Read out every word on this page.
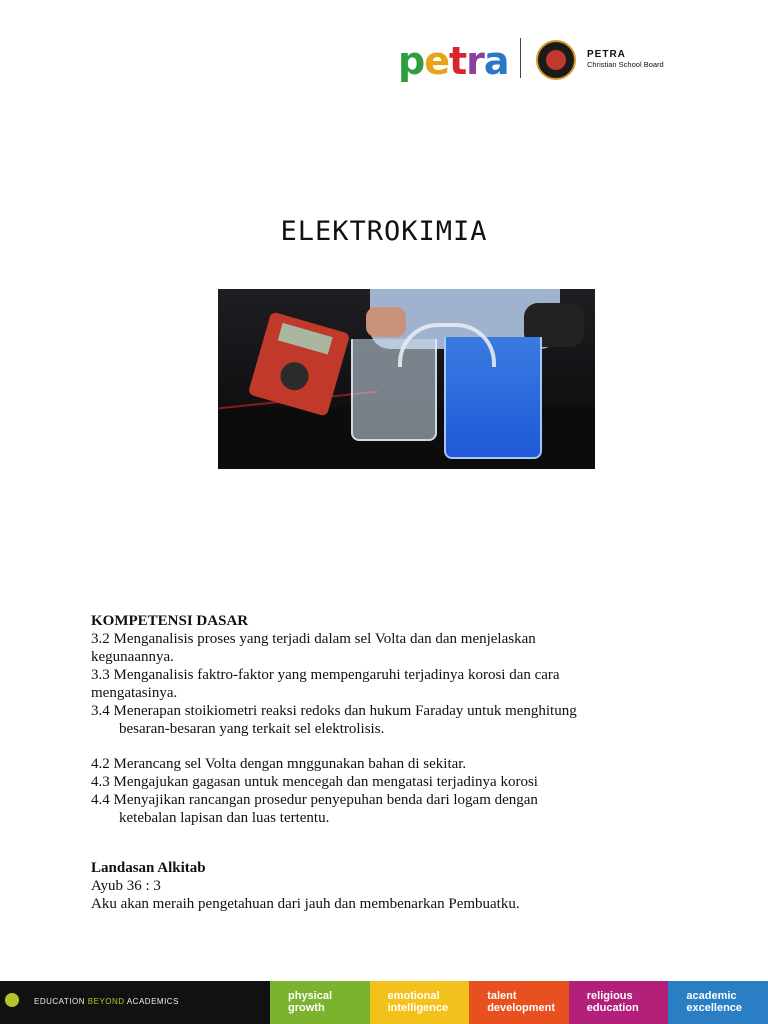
p e t r a	PETRA
Christian School Board
ELEKTROKIMIA

KOMPETENSI DASAR

3.2 Menganalisis proses yang terjadi dalam sel Volta dan dan menjelaskan
kegunaannya.

3.3 Menganalisis faktro-faktor yang mempengaruhi terjadinya korosi dan cara
mengatasinya.

3.4 Menerapan stoikiometri reaksi redoks dan hukum Faraday untuk menghitung
besaran-besaran yang terkait sel elektrolisis.

4.2 Merancang sel Volta dengan mnggunakan bahan di sekitar.

4.3 Mengajukan gagasan untuk mencegah dan mengatasi terjadinya korosi

4.4 Menyajikan rancangan prosedur penyepuhan benda dari logam dengan
ketebalan lapisan dan luas tertentu.

Landasan Alkitab

Ayub 36 : 3

Aku akan meraih pengetahuan dari jauh dan membenarkan Pembuatku.

EDUCATION BEYOND ACADEMICS	physical
growth
emotional
intelligence
talent
development
religious
education
academic
excellence
